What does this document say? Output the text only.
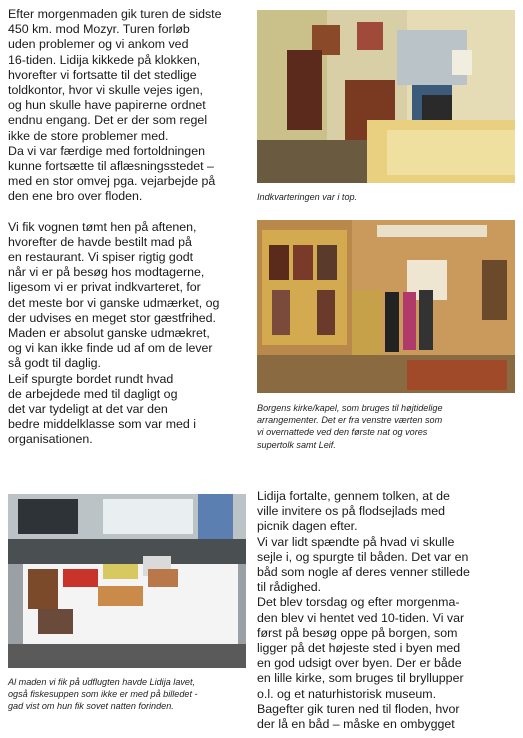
Efter morgenmaden gik turen de sidste
450 km. mod Mozyr. Turen forløb
uden problemer og vi ankom ved
16-tiden. Lidija kikkede på klokken,
hvorefter vi fortsatte til det stedlige
toldkontor, hvor vi skulle vejes igen,
og hun skulle have papirerne ordnet
endnu engang. Det er der som regel
ikke de store problemer med.
Da vi var færdige med fortoldningen
kunne fortsætte til aflæsningsstedet –
med en stor omvej pga. vejarbejde på
den ene bro over floden.

Vi fik vognen tømt hen på aftenen,
hvorefter de havde bestilt mad på
en restaurant. Vi spiser rigtig godt
når vi er på besøg hos modtagerne,
ligesom vi er privat indkvarteret, for
det meste bor vi ganske udmærket, og
der udvises en meget stor gæstfrihed.
Maden er absolut ganske udmækret,
og vi kan ikke finde ud af om de lever
så godt til daglig.
Leif spurgte bordet rundt hvad
de arbejdede med til dagligt og
det var tydeligt at det var den
bedre middelklasse som var med i
organisationen.

Indkvarteringen var i top.
Borgens kirke/kapel, som bruges til højtidelige
arrangementer. Det er fra venstre værten som
vi overnattede ved den første nat og vores
supertolk samt Leif.
Al maden vi fik på udflugten havde Lidija lavet,
også fiskesuppen som ikke er med på billedet -
gad vist om hun fik sovet natten forinden.

Lidija fortalte, gennem tolken, at de
ville invitere os på flodsejlads med
picnik dagen efter.
Vi var lidt spændte på hvad vi skulle
sejle i, og spurgte til båden. Det var en
båd som nogle af deres venner stillede
til rådighed.
Det blev torsdag og efter morgenma-
den blev vi hentet ved 10-tiden. Vi var
først på besøg oppe på borgen, som
ligger på det højeste sted i byen med
en god udsigt over byen. Der er både
en lille kirke, som bruges til bryllupper
o.l. og et naturhistorisk museum.
Bagefter gik turen ned til floden, hvor
der lå en båd – måske en ombygget
